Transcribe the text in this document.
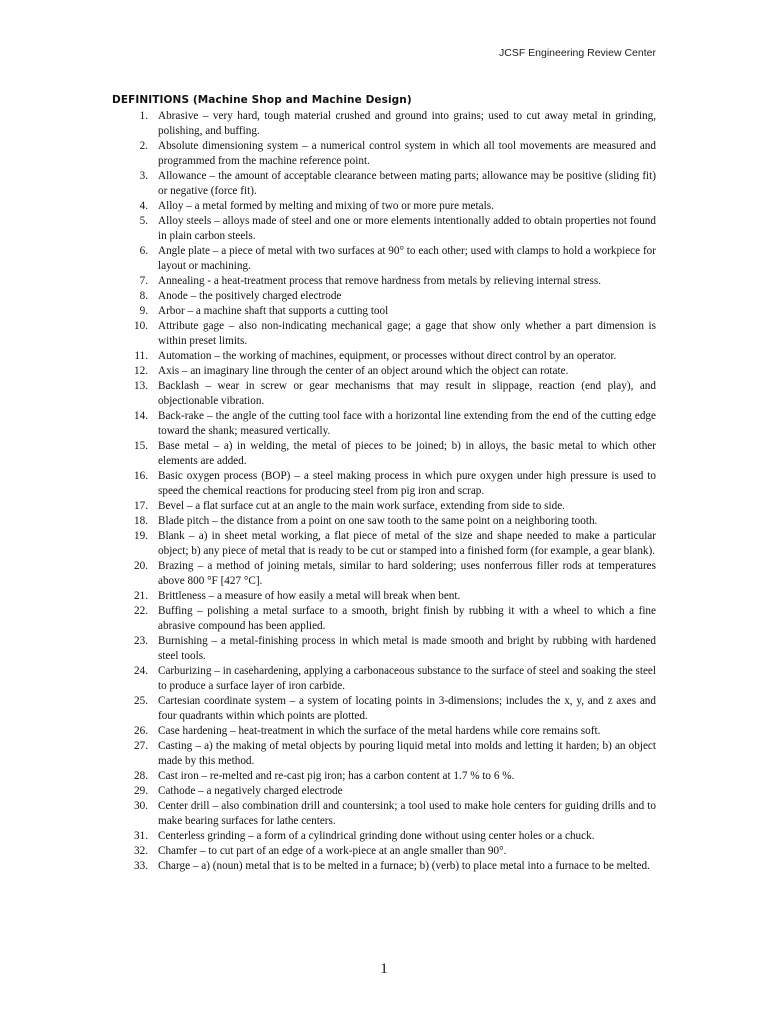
JCSF Engineering Review Center
DEFINITIONS (Machine Shop and Machine Design)
1. Abrasive – very hard, tough material crushed and ground into grains; used to cut away metal in grinding, polishing, and buffing.
2. Absolute dimensioning system – a numerical control system in which all tool movements are measured and programmed from the machine reference point.
3. Allowance – the amount of acceptable clearance between mating parts; allowance may be positive (sliding fit) or negative (force fit).
4. Alloy – a metal formed by melting and mixing of two or more pure metals.
5. Alloy steels – alloys made of steel and one or more elements intentionally added to obtain properties not found in plain carbon steels.
6. Angle plate – a piece of metal with two surfaces at 90° to each other; used with clamps to hold a workpiece for layout or machining.
7. Annealing - a heat-treatment process that remove hardness from metals by relieving internal stress.
8. Anode – the positively charged electrode
9. Arbor – a machine shaft that supports a cutting tool
10. Attribute gage – also non-indicating mechanical gage; a gage that show only whether a part dimension is within preset limits.
11. Automation – the working of machines, equipment, or processes without direct control by an operator.
12. Axis – an imaginary line through the center of an object around which the object can rotate.
13. Backlash – wear in screw or gear mechanisms that may result in slippage, reaction (end play), and objectionable vibration.
14. Back-rake – the angle of the cutting tool face with a horizontal line extending from the end of the cutting edge toward the shank; measured vertically.
15. Base metal – a) in welding, the metal of pieces to be joined; b) in alloys, the basic metal to which other elements are added.
16. Basic oxygen process (BOP) – a steel making process in which pure oxygen under high pressure is used to speed the chemical reactions for producing steel from pig iron and scrap.
17. Bevel – a flat surface cut at an angle to the main work surface, extending from side to side.
18. Blade pitch – the distance from a point on one saw tooth to the same point on a neighboring tooth.
19. Blank – a) in sheet metal working, a flat piece of metal of the size and shape needed to make a particular object; b) any piece of metal that is ready to be cut or stamped into a finished form (for example, a gear blank).
20. Brazing – a method of joining metals, similar to hard soldering; uses nonferrous filler rods at temperatures above 800 °F [427 °C].
21. Brittleness – a measure of how easily a metal will break when bent.
22. Buffing – polishing a metal surface to a smooth, bright finish by rubbing it with a wheel to which a fine abrasive compound has been applied.
23. Burnishing – a metal-finishing process in which metal is made smooth and bright by rubbing with hardened steel tools.
24. Carburizing – in casehardening, applying a carbonaceous substance to the surface of steel and soaking the steel to produce a surface layer of iron carbide.
25. Cartesian coordinate system – a system of locating points in 3-dimensions; includes the x, y, and z axes and four quadrants within which points are plotted.
26. Case hardening – heat-treatment in which the surface of the metal hardens while core remains soft.
27. Casting – a) the making of metal objects by pouring liquid metal into molds and letting it harden; b) an object made by this method.
28. Cast iron – re-melted and re-cast pig iron; has a carbon content at 1.7 % to 6 %.
29. Cathode – a negatively charged electrode
30. Center drill – also combination drill and countersink; a tool used to make hole centers for guiding drills and to make bearing surfaces for lathe centers.
31. Centerless grinding – a form of a cylindrical grinding done without using center holes or a chuck.
32. Chamfer – to cut part of an edge of a work-piece at an angle smaller than 90°.
33. Charge – a) (noun) metal that is to be melted in a furnace; b) (verb) to place metal into a furnace to be melted.
1
